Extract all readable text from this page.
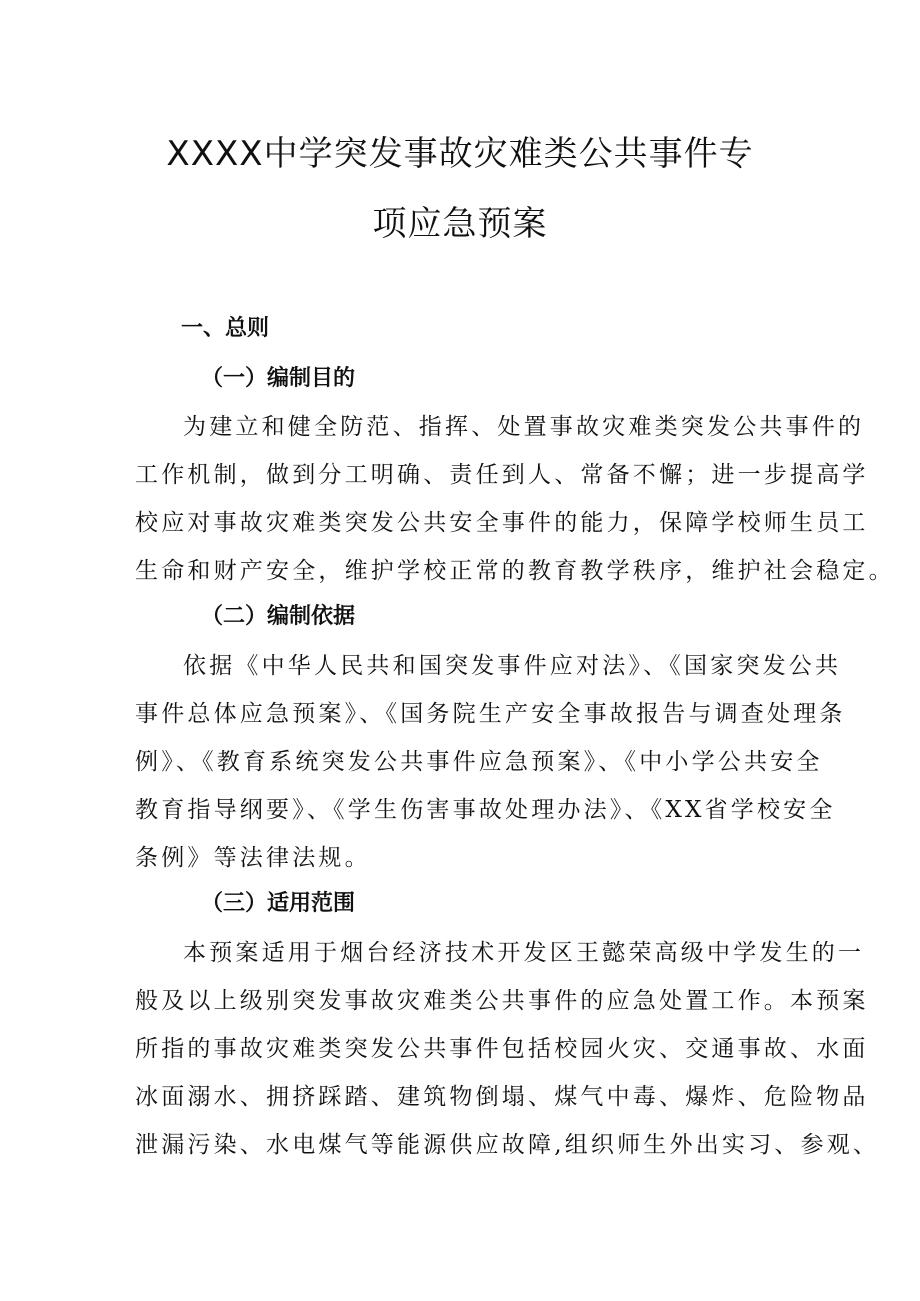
XXXX中学突发事故灾难类公共事件专
项应急预案
一、总则
（一）编制目的
为建立和健全防范、指挥、处置事故灾难类突发公共事件的
工作机制，做到分工明确、责任到人、常备不懈；进一步提高学
校应对事故灾难类突发公共安全事件的能力，保障学校师生员工
生命和财产安全，维护学校正常的教育教学秩序，维护社会稳定。
（二）编制依据
依据《中华人民共和国突发事件应对法》、《国家突发公共
事件总体应急预案》、《国务院生产安全事故报告与调查处理条
例》、《教育系统突发公共事件应急预案》、《中小学公共安全
教育指导纲要》、《学生伤害事故处理办法》、《XX省学校安全
条例》等法律法规。
（三）适用范围
本预案适用于烟台经济技术开发区王懿荣高级中学发生的一
般及以上级别突发事故灾难类公共事件的应急处置工作。本预案
所指的事故灾难类突发公共事件包括校园火灾、交通事故、水面
冰面溺水、拥挤踩踏、建筑物倒塌、煤气中毒、爆炸、危险物品
泄漏污染、水电煤气等能源供应故障,组织师生外出实习、参观、
